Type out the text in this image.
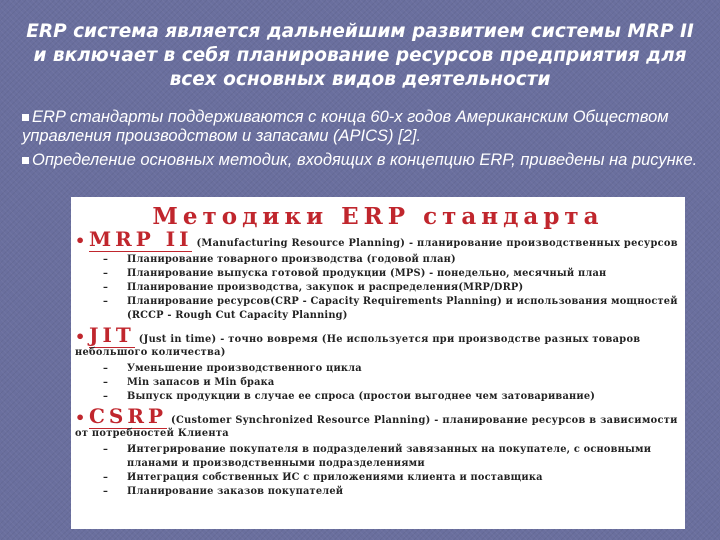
ERP система является дальнейшим развитием системы MRP II и включает в себя планирование ресурсов предприятия для всех основных видов деятельности
ERP стандарты поддерживаются с конца 60-х годов Американским Обществом управления производством и запасами (APICS) [2].
Определение основных методик, входящих в концепцию ERP, приведены на рисунке.
Методики ERP стандарта
• MRP II (Manufacturing Resource Planning) - планирование производственных ресурсов
– Планирование товарного производства (годовой план)
– Планирование выпуска готовой продукции (MPS) - понедельно, месячный план
– Планирование производства, закупок и распределения(MRP/DRP)
– Планирование ресурсов(CRP - Capacity Requirements Planning) и использования мощностей (RCCP - Rough Cut Capacity Planning)
• JIT (Just in time) - точно вовремя (Не используется при производстве разных товаров небольшого количества)
– Уменьшение производственного цикла
– Min запасов и Min брака
– Выпуск продукции в случае ее спроса (простои выгоднее чем затоваривание)
• CSRP (Customer Synchronized Resource Planning) - планирование ресурсов в зависимости от потребностей Клиента
– Интегрирование покупателя в подразделений завязанных на покупателе, с основными планами и производственными подразделениями
– Интеграция собственных ИС с приложениями клиента и поставщика
– Планирование заказов покупателей
7
